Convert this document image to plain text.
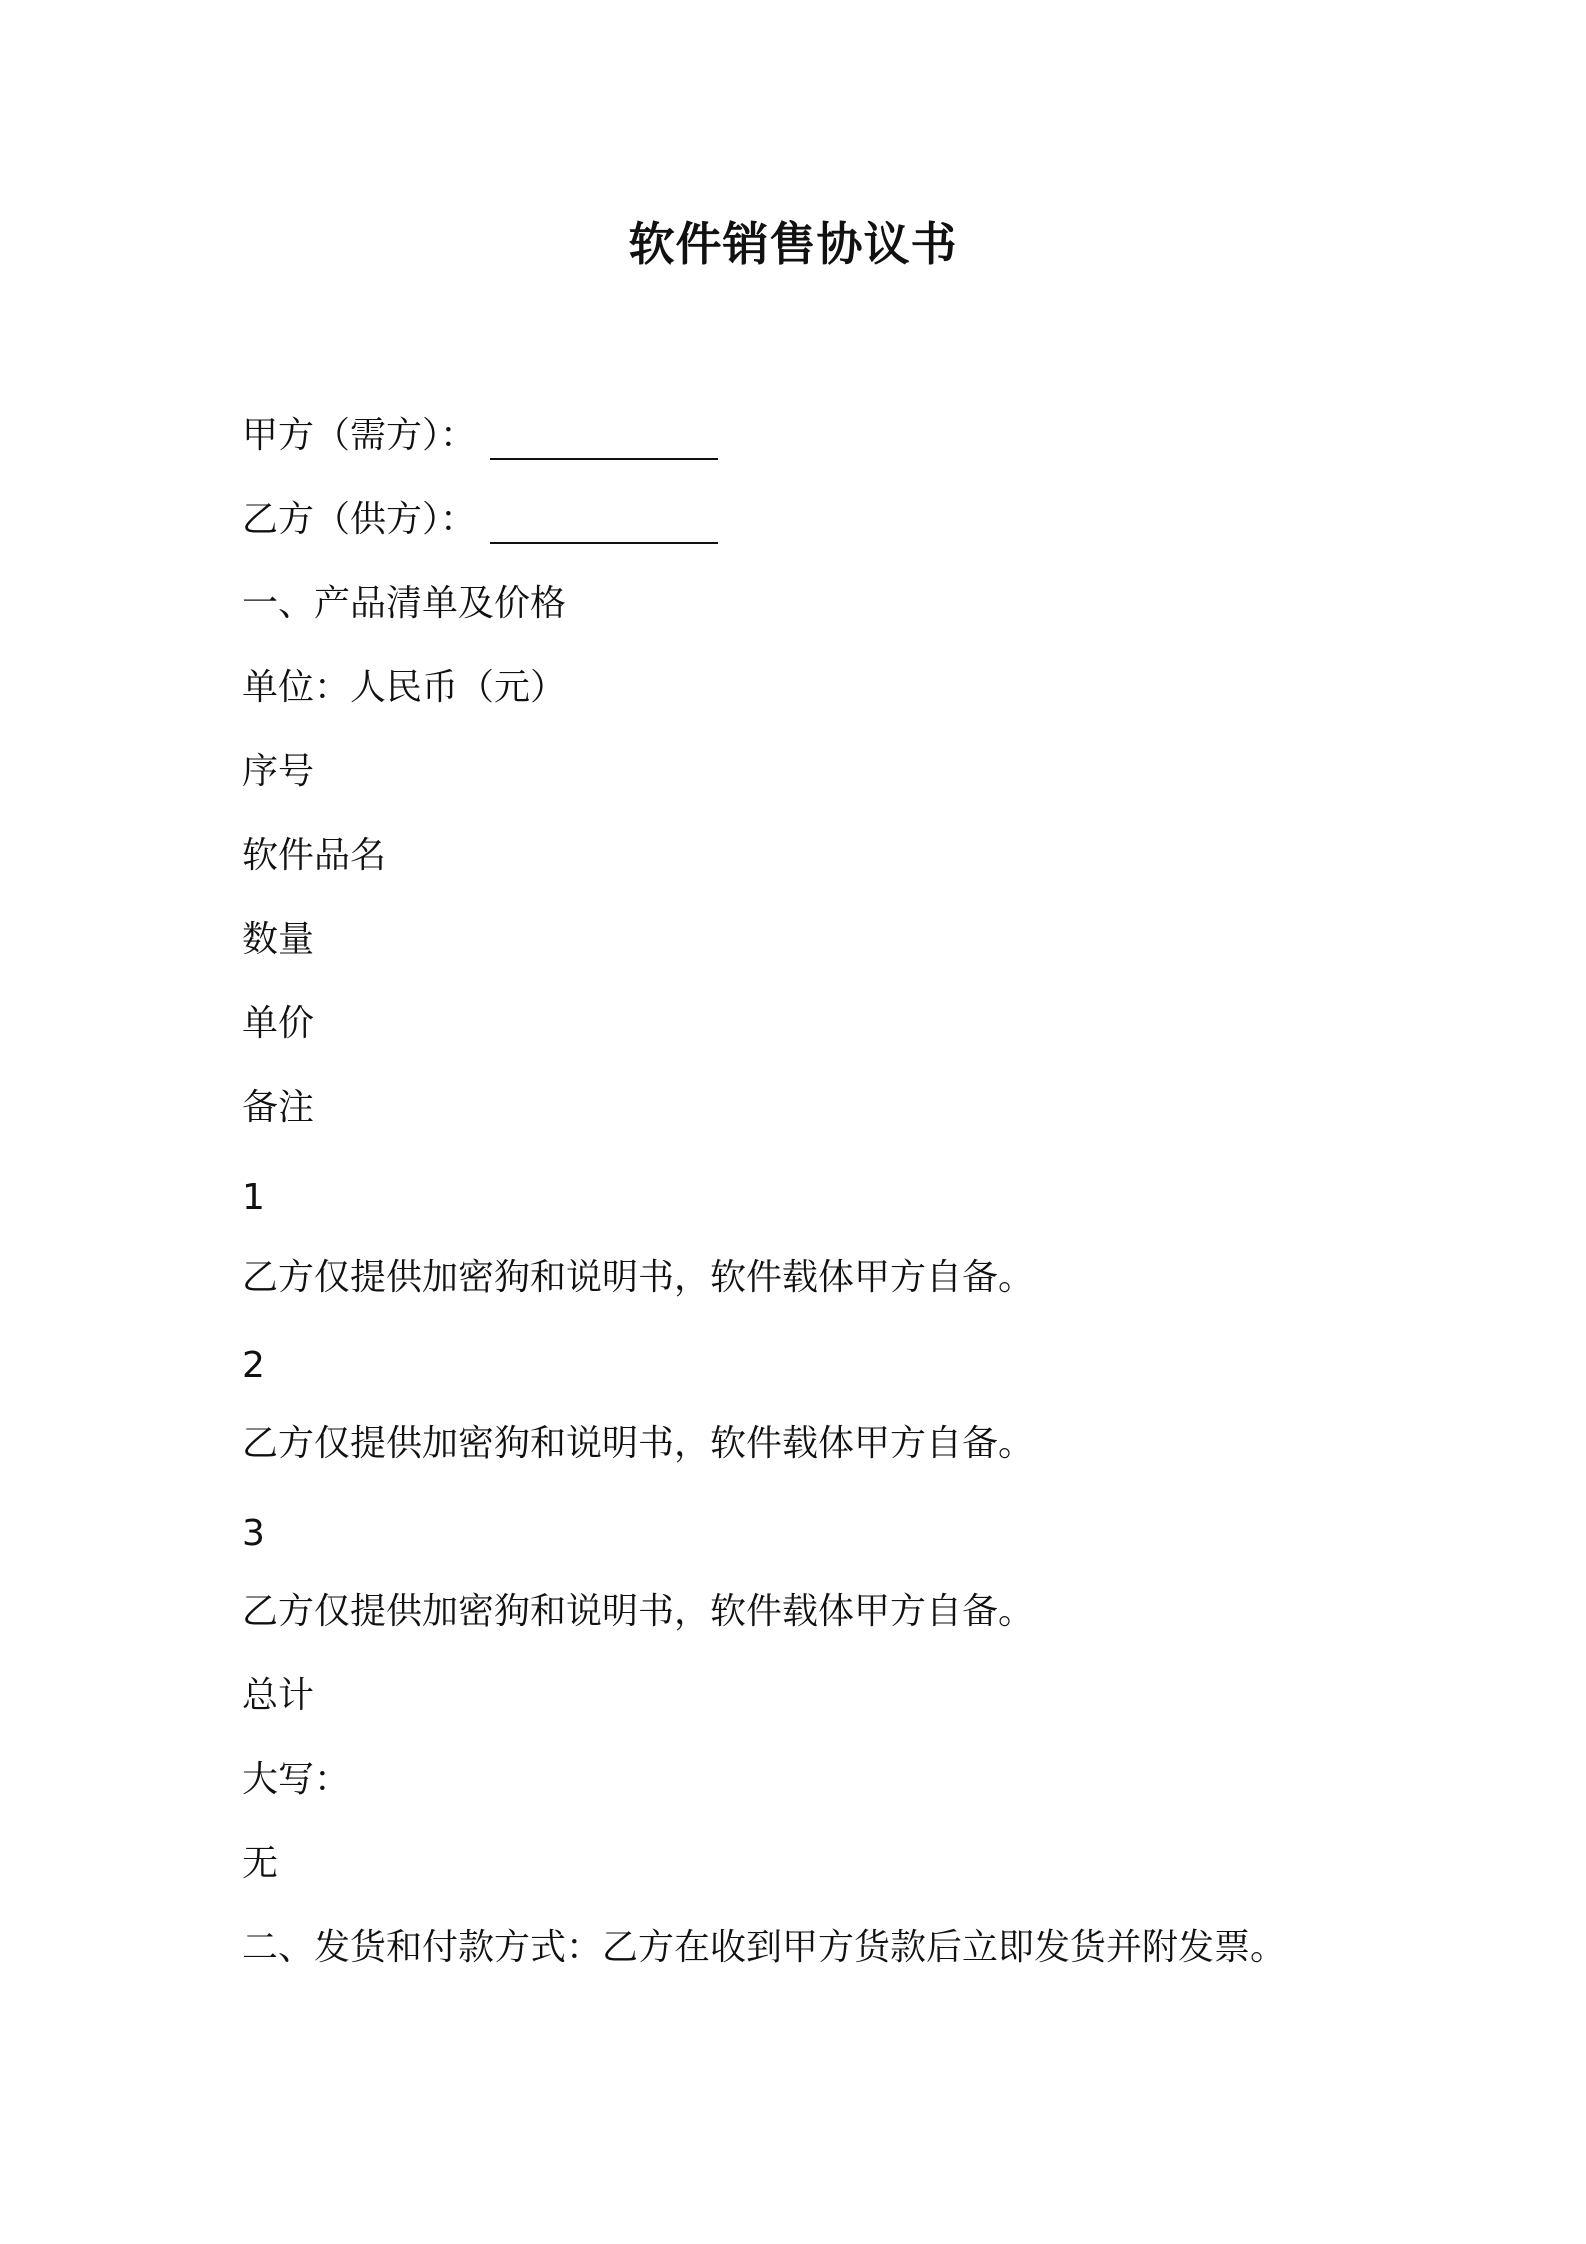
软件销售协议书
甲方（需方）：
乙方（供方）：
一、产品清单及价格
单位：人民币（元）
序号
软件品名
数量
单价
备注
1
乙方仅提供加密狗和说明书，软件载体甲方自备。
2
乙方仅提供加密狗和说明书，软件载体甲方自备。
3
乙方仅提供加密狗和说明书，软件载体甲方自备。
总计
大写：
无
二、发货和付款方式：乙方在收到甲方货款后立即发货并附发票。
